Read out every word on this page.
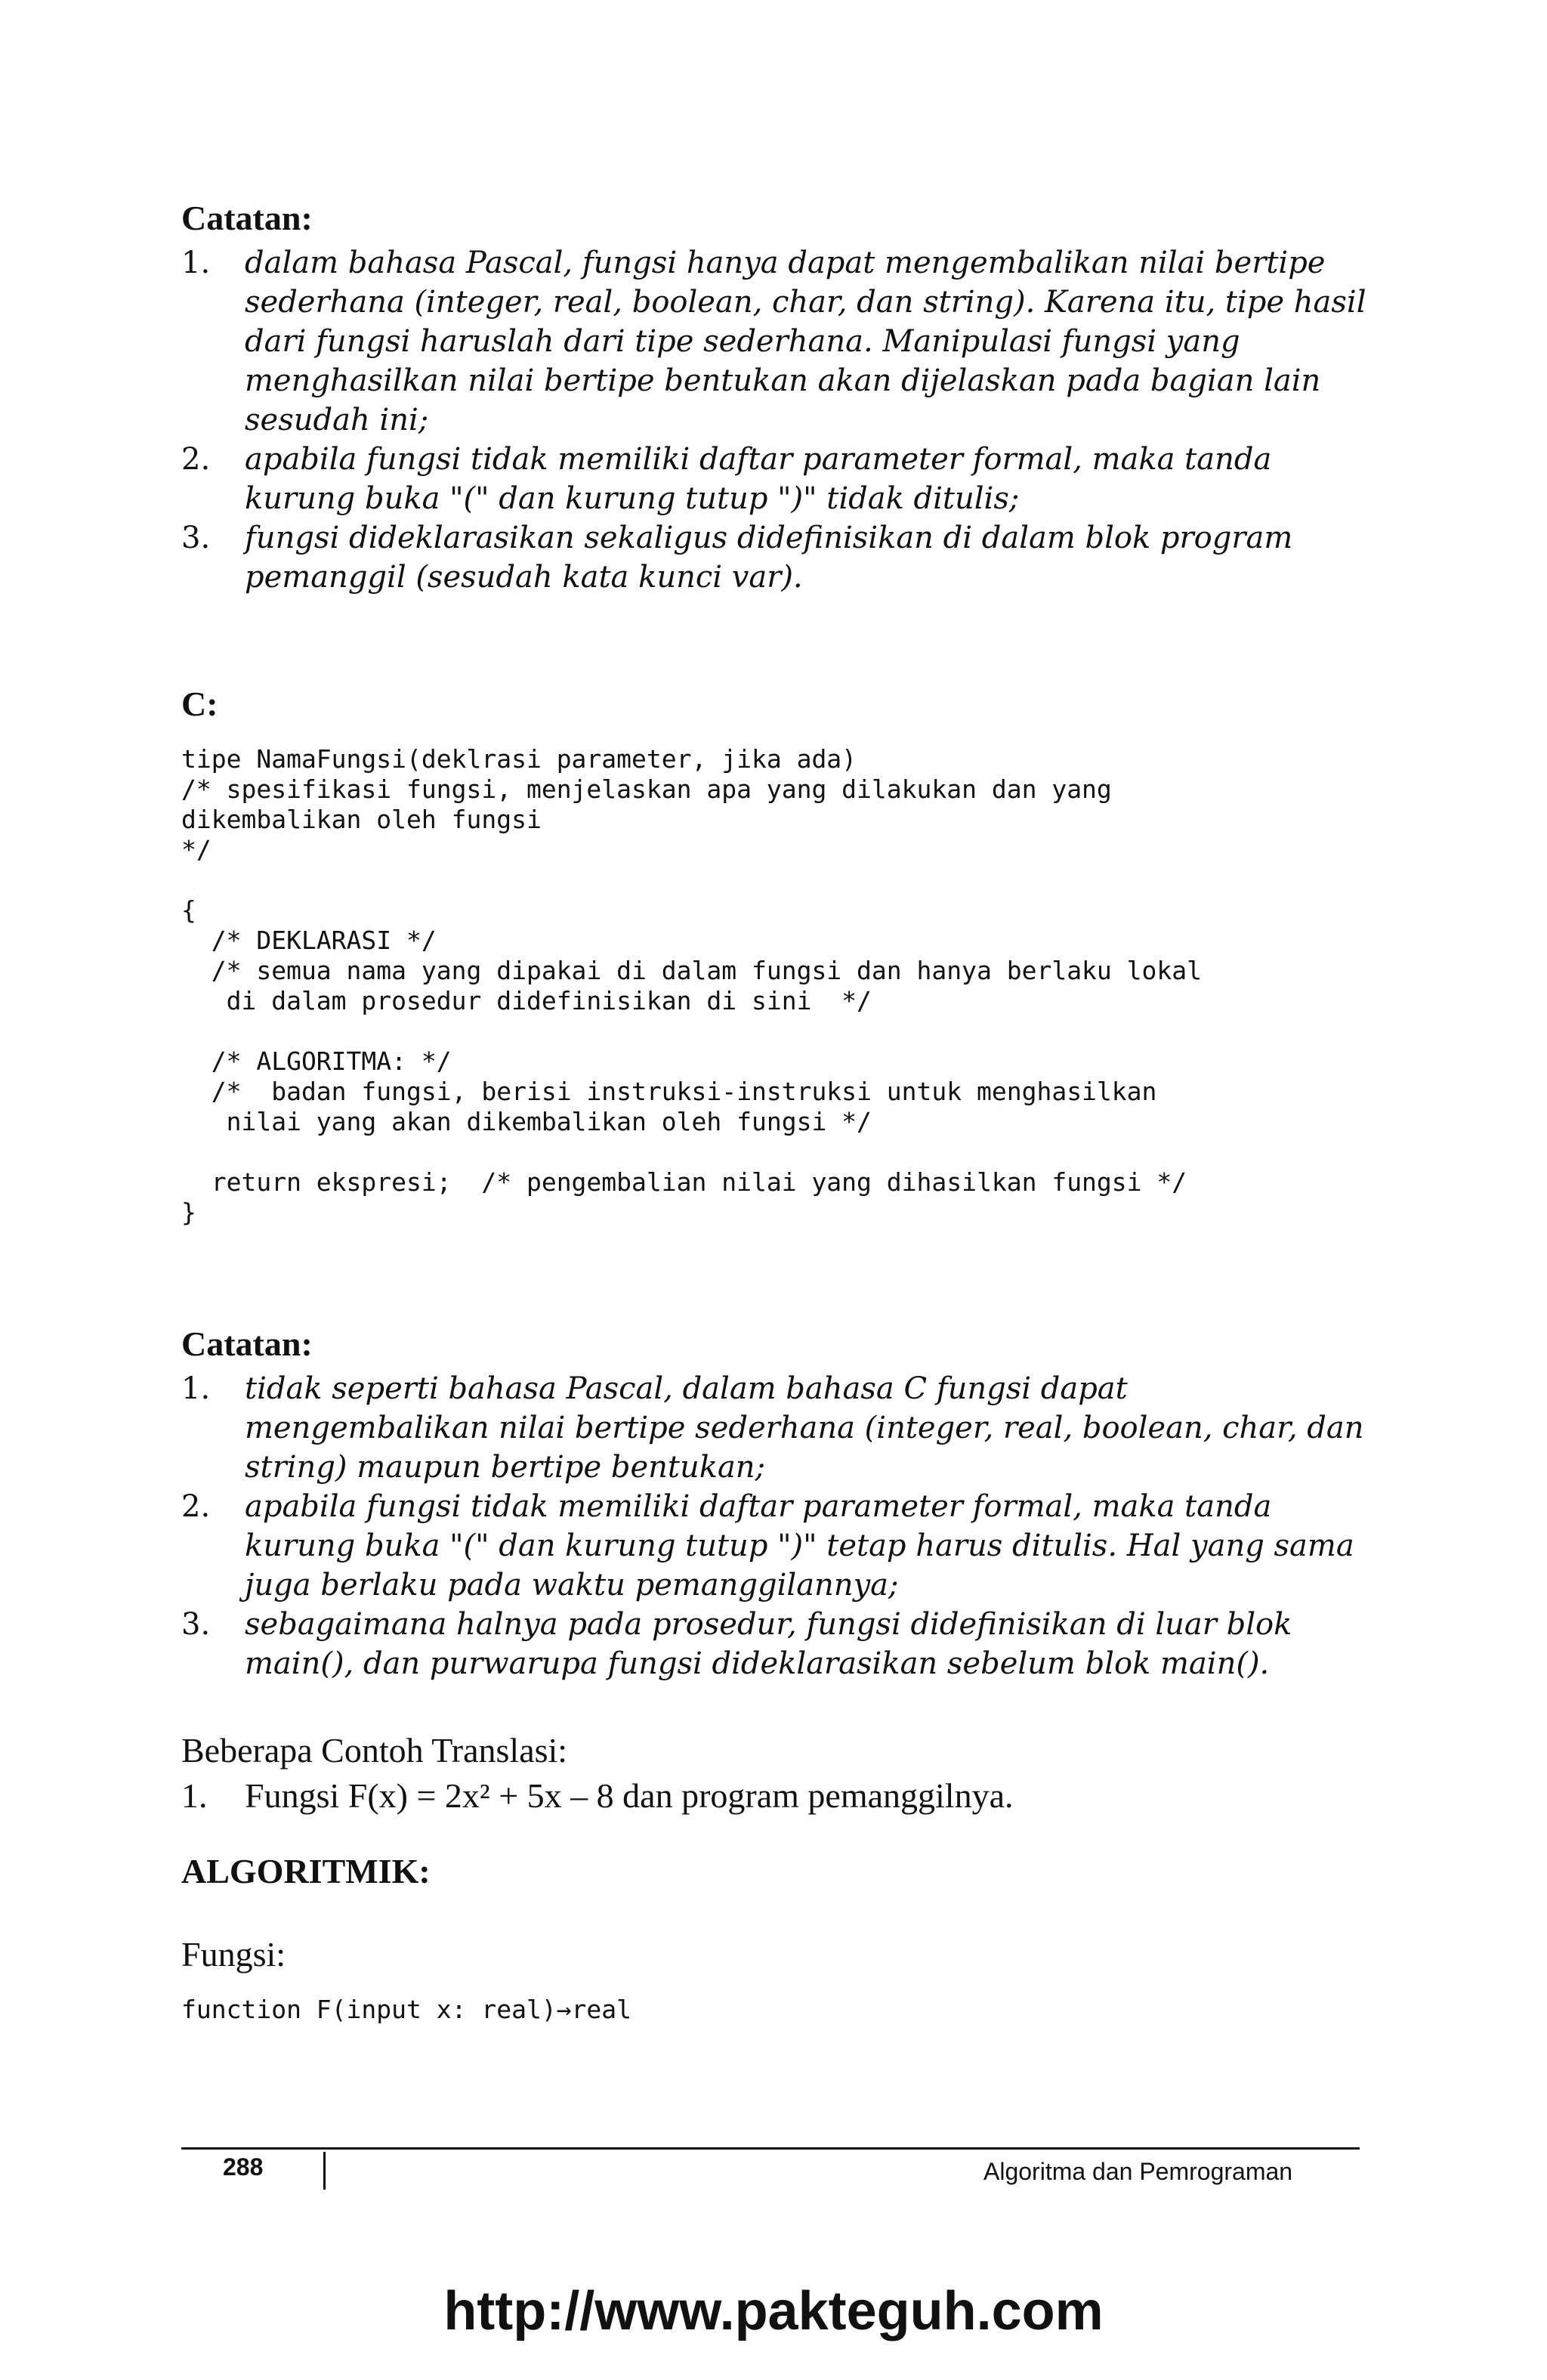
Catatan:
1. dalam bahasa Pascal, fungsi hanya dapat mengembalikan nilai bertipe sederhana (integer, real, boolean, char, dan string). Karena itu, tipe hasil dari fungsi haruslah dari tipe sederhana. Manipulasi fungsi yang menghasilkan nilai bertipe bentukan akan dijelaskan pada bagian lain sesudah ini;
2. apabila fungsi tidak memiliki daftar parameter formal, maka tanda kurung buka "(" dan kurung tutup ")" tidak ditulis;
3. fungsi dideklarasikan sekaligus didefinisikan di dalam blok program pemanggil (sesudah kata kunci var).
C:
tipe NamaFungsi(deklrasi parameter, jika ada)
/* spesifikasi fungsi, menjelaskan apa yang dilakukan dan yang
dikembalikan oleh fungsi
*/

{
/* DEKLARASI */
/* semua nama yang dipakai di dalam fungsi dan hanya berlaku lokal
di dalam prosedur didefinisikan di sini  */

/* ALGORITMA: */
/*  badan fungsi, berisi instruksi-instruksi untuk menghasilkan
nilai yang akan dikembalikan oleh fungsi */

return ekspresi;  /* pengembalian nilai yang dihasilkan fungsi */
}
Catatan:
1. tidak seperti bahasa Pascal, dalam bahasa C fungsi dapat mengembalikan nilai bertipe sederhana (integer, real, boolean, char, dan string) maupun bertipe bentukan;
2. apabila fungsi tidak memiliki daftar parameter formal, maka tanda kurung buka "(" dan kurung tutup ")" tetap harus ditulis. Hal yang sama juga berlaku pada waktu pemanggilannya;
3. sebagaimana halnya pada prosedur, fungsi didefinisikan di luar blok main(), dan purwarupa fungsi dideklarasikan sebelum blok main().
Beberapa Contoh Translasi:
1. Fungsi F(x) = 2x² + 5x – 8 dan program pemanggilnya.
ALGORITMIK:
Fungsi:
function F(input x: real)→real
288	Algoritma dan Pemrograman
http://www.pakteguh.com
